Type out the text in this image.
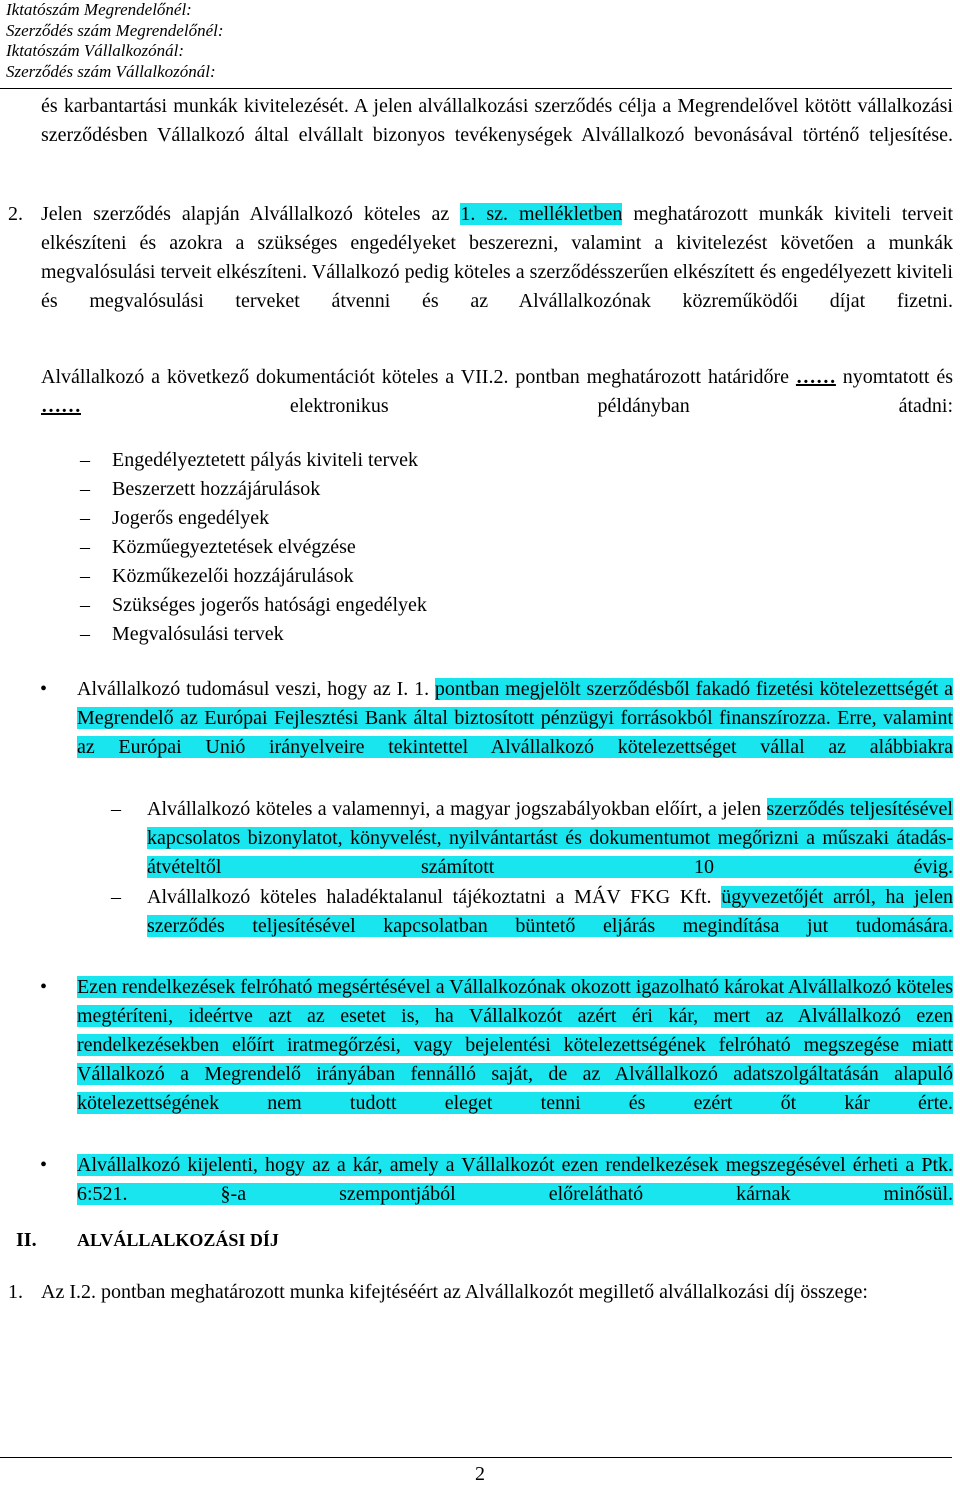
Iktatószám Megrendelőnél:
Szerződés szám Megrendelőnél:
Iktatószám Vállalkozónál:
Szerződés szám Vállalkozónál:
és karbantartási munkák kivitelezését. A jelen alvállalkozási szerződés célja a Megrendelővel kötött vállalkozási szerződésben Vállalkozó által elvállalt bizonyos tevékenységek Alvállalkozó bevonásával történő teljesítése.
2. Jelen szerződés alapján Alvállalkozó köteles az 1. sz. mellékletben meghatározott munkák kiviteli terveit elkészíteni és azokra a szükséges engedélyeket beszerezni, valamint a kivitelezést követően a munkák megvalósulási terveit elkészíteni. Vállalkozó pedig köteles a szerződésszerűen elkészített és engedélyezett kiviteli és megvalósulási terveket átvenni és az Alvállalkozónak közreműködői díjat fizetni.
Alvállalkozó a következő dokumentációt köteles a VII.2. pontban meghatározott határidőre …… nyomtatott és …… elektronikus példányban átadni:
– Engedélyeztetett pályás kiviteli tervek
– Beszerzett hozzájárulások
– Jogerős engedélyek
– Közműegyeztetések elvégzése
– Közműkezelői hozzájárulások
– Szükséges jogerős hatósági engedélyek
– Megvalósulási tervek
• Alvállalkozó tudomásul veszi, hogy az I. 1. pontban megjelölt szerződésből fakadó fizetési kötelezettségét a Megrendelő az Európai Fejlesztési Bank által biztosított pénzügyi forrásokból finanszírozza. Erre, valamint az Európai Unió irányelveire tekintettel Alvállalkozó kötelezettséget vállal az alábbiakra
– Alvállalkozó köteles a valamennyi, a magyar jogszabályokban előírt, a jelen szerződés teljesítésével kapcsolatos bizonylatot, könyvelést, nyilvántartást és dokumentumot megőrizni a műszaki átadás-átvételtől számított 10 évig.
– Alvállalkozó köteles haladéktalanul tájékoztatni a MÁV FKG Kft. ügyvezetőjét arról, ha jelen szerződés teljesítésével kapcsolatban büntető eljárás megindítása jut tudomására.
• Ezen rendelkezések felróható megsértésével a Vállalkozónak okozott igazolható károkat Alvállalkozó köteles megtéríteni, ideértve azt az esetet is, ha Vállalkozót azért éri kár, mert az Alvállalkozó ezen rendelkezésekben előírt iratmegőrzési, vagy bejelentési kötelezettségének felróható megszegése miatt Vállalkozó a Megrendelő irányában fennálló saját, de az Alvállalkozó adatszolgáltatásán alapuló kötelezettségének nem tudott eleget tenni és ezért őt kár érte.
• Alvállalkozó kijelenti, hogy az a kár, amely a Vállalkozót ezen rendelkezések megszegésével érheti a Ptk. 6:521. §-a szempontjából előrelátható kárnak minősül.
II. ALVÁLLALKOZÁSI DÍJ
1. Az I.2. pontban meghatározott munka kifejtéséért az Alvállalkozót megillető alvállalkozási díj összege:
2
